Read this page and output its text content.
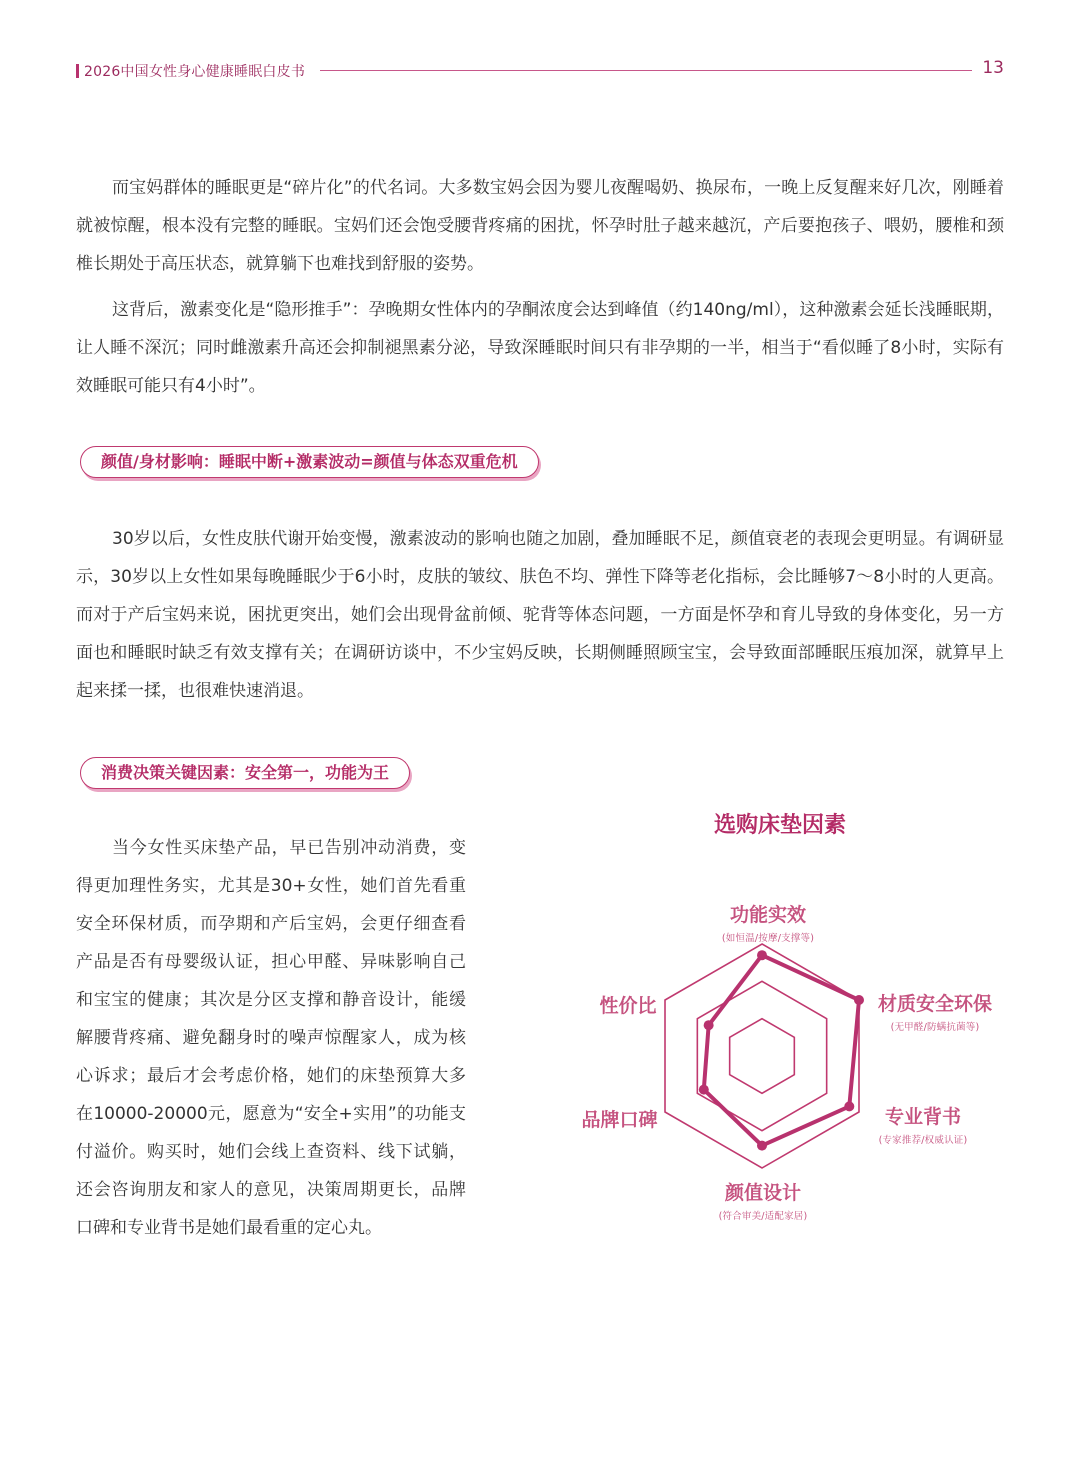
2026中国女性身心健康睡眠白皮书	13

而宝妈群体的睡眠更是“碎片化”的代名词。大多数宝妈会因为婴儿夜醒喝奶、换尿布，一晚上反复醒来好几次，刚睡着就被惊醒，根本没有完整的睡眠。宝妈们还会饱受腰背疼痛的困扰，怀孕时肚子越来越沉，产后要抱孩子、喂奶，腰椎和颈椎长期处于高压状态，就算躺下也难找到舒服的姿势。

这背后，激素变化是“隐形推手”：孕晚期女性体内的孕酮浓度会达到峰值（约140ng/ml），这种激素会延长浅睡眠期，让人睡不深沉；同时雌激素升高还会抑制褪黑素分泌，导致深睡眠时间只有非孕期的一半，相当于“看似睡了8小时，实际有效睡眠可能只有4小时”。

颜值/身材影响：睡眠中断+激素波动=颜值与体态双重危机

30岁以后，女性皮肤代谢开始变慢，激素波动的影响也随之加剧，叠加睡眠不足，颜值衰老的表现会更明显。有调研显示，30岁以上女性如果每晚睡眠少于6小时，皮肤的皱纹、肤色不均、弹性下降等老化指标，会比睡够7～8小时的人更高。而对于产后宝妈来说，困扰更突出，她们会出现骨盆前倾、驼背等体态问题，一方面是怀孕和育儿导致的身体变化，另一方面也和睡眠时缺乏有效支撑有关；在调研访谈中，不少宝妈反映，长期侧睡照顾宝宝，会导致面部睡眠压痕加深，就算早上起来揉一揉，也很难快速消退。

消费决策关键因素：安全第一，功能为王

当今女性买床垫产品，早已告别冲动消费，变得更加理性务实，尤其是30+女性，她们首先看重安全环保材质，而孕期和产后宝妈，会更仔细查看产品是否有母婴级认证，担心甲醛、异味影响自己和宝宝的健康；其次是分区支撑和静音设计，能缓解腰背疼痛、避免翻身时的噪声惊醒家人，成为核心诉求；最后才会考虑价格，她们的床垫预算大多在10000-20000元，愿意为“安全+实用”的功能支付溢价。购买时，她们会线上查资料、线下试躺，还会咨询朋友和家人的意见，决策周期更长，品牌口碑和专业背书是她们最看重的定心丸。

选购床垫因素
功能实效
(如恒温/按摩/支撑等)
材质安全环保
(无甲醛/防螨抗菌等)
专业背书
(专家推荐/权威认证)
颜值设计
(符合审美/适配家居)
品牌口碑
性价比
